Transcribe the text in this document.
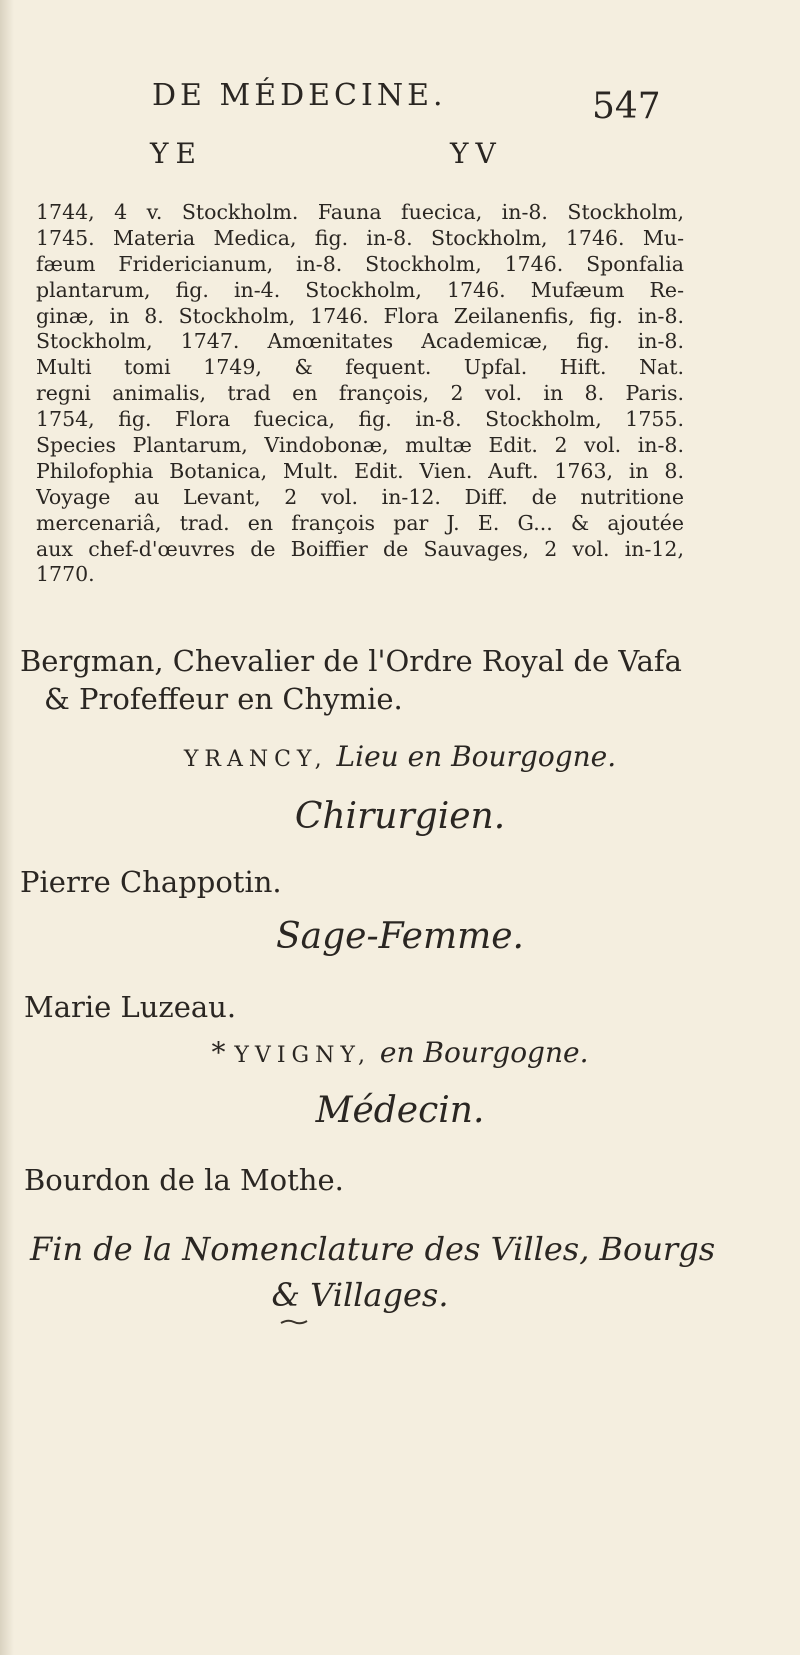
DE MÉDECINE.	547
YE	YV
1744, 4 v. Stockholm. Fauna fuecica, in-8. Stockholm,
1745. Materia Medica, fig. in-8. Stockholm, 1746. Mu-
fæum Fridericianum, in-8. Stockholm, 1746. Sponfalia
plantarum, fig. in-4. Stockholm, 1746. Mufæum Re-
ginæ, in 8. Stockholm, 1746. Flora Zeilanenfis, fig. in-8.
Stockholm, 1747. Amœnitates Academicæ, fig. in-8.
Multi tomi 1749, & fequent. Upfal. Hift. Nat.
regni animalis, trad en françois, 2 vol. in 8. Paris.
1754, fig. Flora fuecica, fig. in-8. Stockholm, 1755.
Species Plantarum, Vindobonæ, multæ Edit. 2 vol. in-8.
Philofophia Botanica, Mult. Edit. Vien. Auft. 1763, in 8.
Voyage au Levant, 2 vol. in-12. Diff. de nutritione
mercenariâ, trad. en françois par J. E. G... & ajoutée
aux chef-d'œuvres de Boiffier de Sauvages, 2 vol. in-12,
1770.
Bergman, Chevalier de l'Ordre Royal de Vafa
& Profeffeur en Chymie.
YRANCY, Lieu en Bourgogne.
Chirurgien.
Pierre Chappotin.
Sage-Femme.
Marie Luzeau.
* YVIGNY, en Bourgogne.
Médecin.
Bourdon de la Mothe.
Fin de la Nomenclature des Villes, Bourgs
& Villages.
